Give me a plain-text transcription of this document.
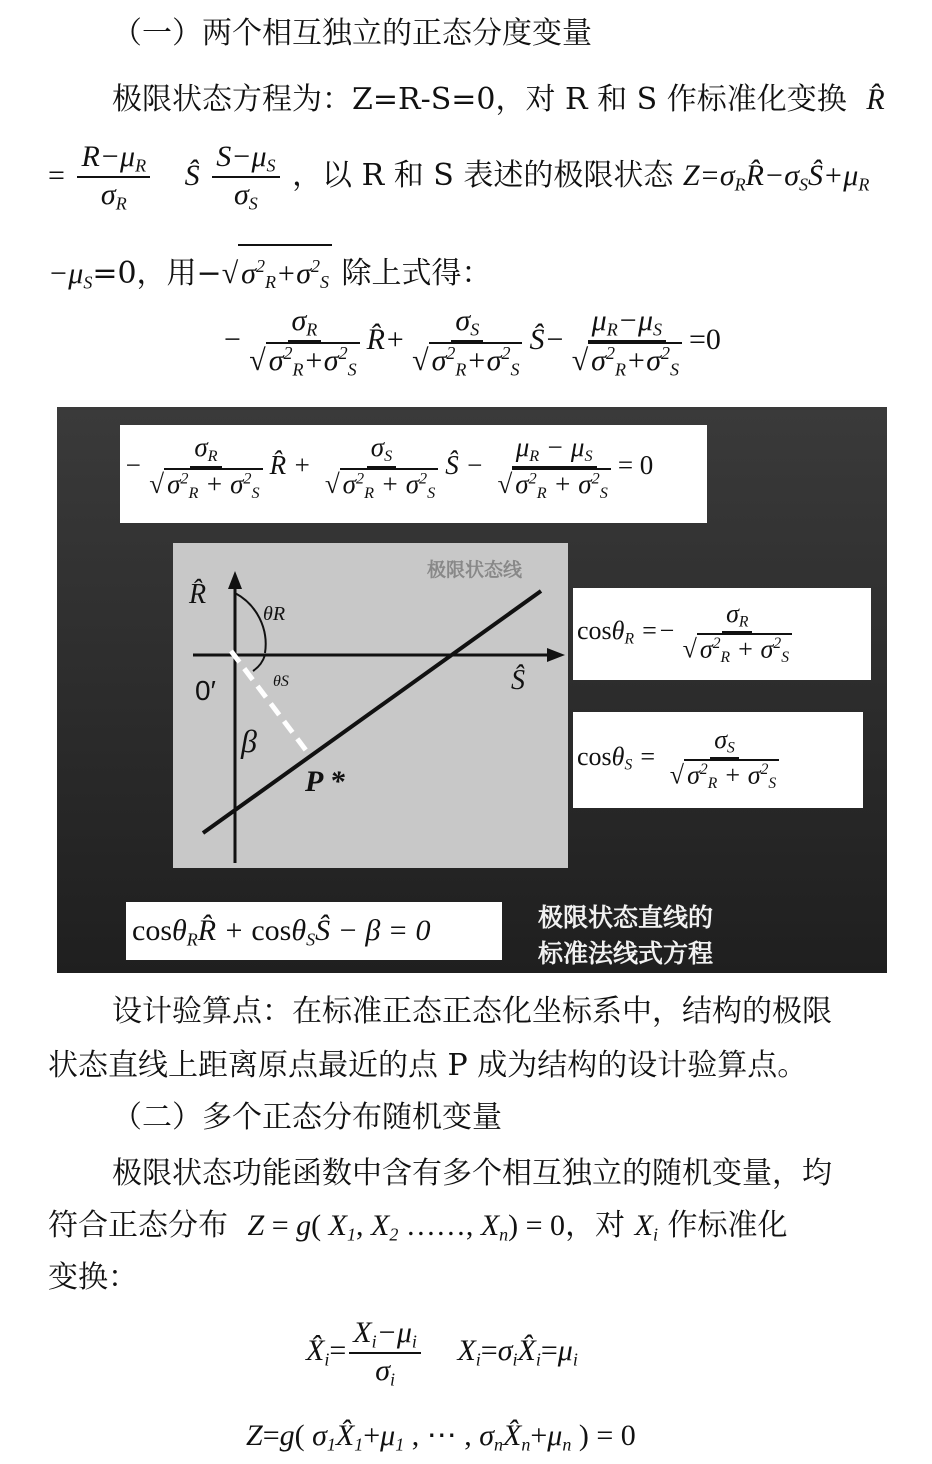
（一）两个相互独立的正态分度变量
极限状态方程为：Z=R-S=0，对 R 和 S 作标准化变换 R̂
= $\frac{R-\mu_R}{\sigma_R}$ Ŝ $\frac{S-\mu_S}{\sigma_S}$ ，以 R 和 S 表述的极限状态 $Z=\sigma_RR̂-\sigma_SŜ+\mu_R$
$-\mu_S=0$，用−√ $\sigma^2_R+\sigma^2_S$ 除上式得：
− $\frac{\sigma_R}{√ \sigma^2_R+\sigma^2_S}$ R̂+ $\frac{\sigma_S}{√ \sigma^2_R+\sigma^2_S}$ Ŝ− $\frac{\mu_R-\mu_S}{√ \sigma^2_R+\sigma^2_S} =0$
− $\frac{\sigma_R}{√ \sigma^2_R + \sigma^2_S}$ R̂ + $\frac{\sigma_S}{√ \sigma^2_R + \sigma^2_S}$ Ŝ − $\frac{\mu_R - \mu_S}{√ \sigma^2_R + \sigma^2_S} = 0$
极限状态线
R̂
Ŝ
0′
β
P *
θR
θS
$\cos\theta_R =- \frac{\sigma_R}{√ \sigma^2_R + \sigma^2_S}$
$\cos\theta_S = \frac{\sigma_S}{√ \sigma^2_R + \sigma^2_S}$
cosθ$_R$R̂ + cosθ$_S$Ŝ − β = 0	极限状态直线的
标准法线式方程
设计验算点：在标准正态正态化坐标系中，结构的极限
状态直线上距离原点最近的点 P 成为结构的设计验算点。
（二）多个正态分布随机变量
极限状态功能函数中含有多个相互独立的随机变量，均
符合正态分布 Z = g( $X_1$, $X_2$ ……, $X_n) = 0$，对 $X_i$ 作标准化
变换：
$X̂_i= \frac{X_i-\mu_i}{\sigma_i}$ $X_i=\sigma_iX̂_i=\mu_i$
Z=g( $\sigma_1X̂_1+\mu_1$ , ⋯ , $\sigma_nX̂_n+\mu_n$ ) = 0
